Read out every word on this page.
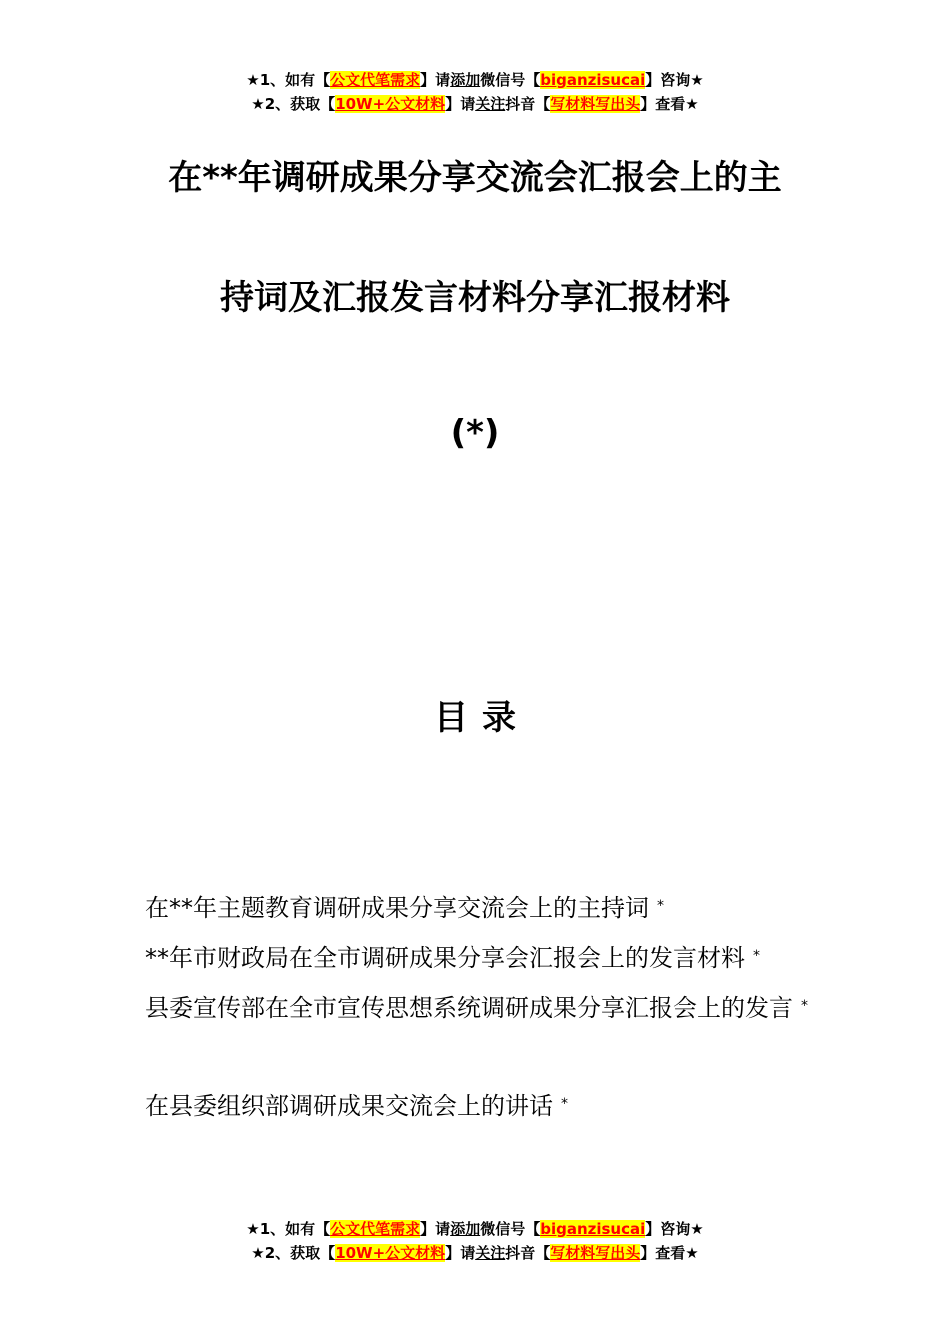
★1、如有【公文代笔需求】请添加微信号【biganzisucai】咨询★
★2、获取【10W+公文材料】请关注抖音【写材料写出头】查看★
在**年调研成果分享交流会汇报会上的主
持词及汇报发言材料分享汇报材料
(*)
目录
在**年主题教育调研成果分享交流会上的主持词 *
**年市财政局在全市调研成果分享会汇报会上的发言材料 *
县委宣传部在全市宣传思想系统调研成果分享汇报会上的发言 *
在县委组织部调研成果交流会上的讲话 *
★1、如有【公文代笔需求】请添加微信号【biganzisucai】咨询★
★2、获取【10W+公文材料】请关注抖音【写材料写出头】查看★
